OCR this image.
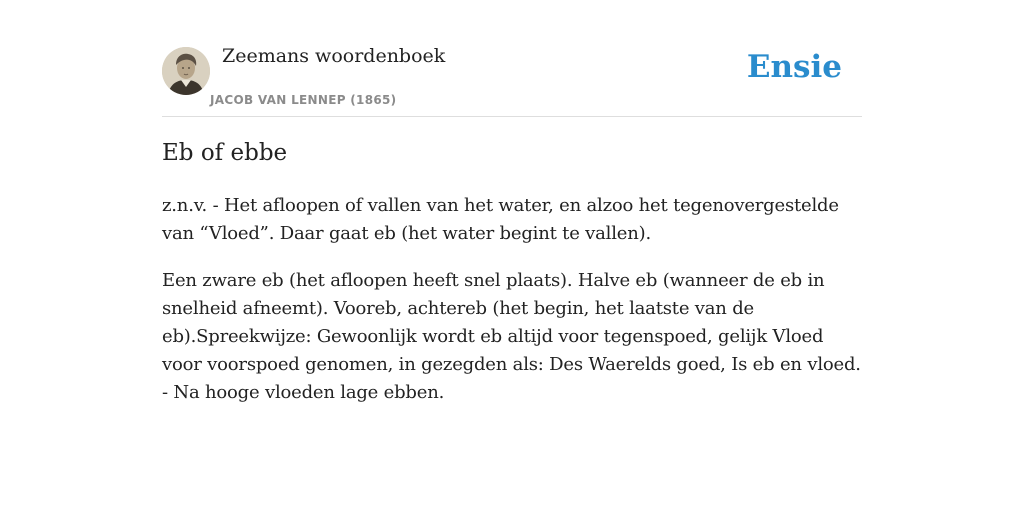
Zeemans woordenboek
JACOB VAN LENNEP (1865)
Ensie
Eb of ebbe

z.n.v. - Het afloopen of vallen van het water, en alzoo het tegenovergestelde van “Vloed”. Daar gaat eb (het water begint te vallen).

Een zware eb (het afloopen heeft snel plaats). Halve eb (wanneer de eb in snelheid afneemt). Vooreb, achtereb (het begin, het laatste van de eb).Spreekwijze: Gewoonlijk wordt eb altijd voor tegenspoed, gelijk Vloed voor voorspoed genomen, in gezegden als: Des Waerelds goed, Is eb en vloed. - Na hooge vloeden lage ebben.
